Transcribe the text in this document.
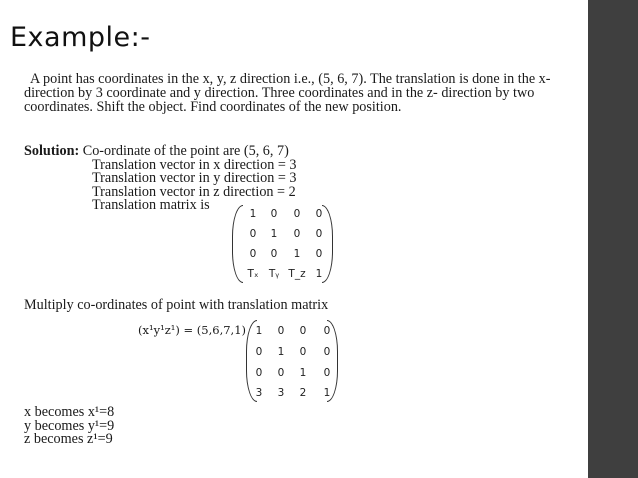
Example:-

A point has coordinates in the x, y, z direction i.e., (5, 6, 7). The translation is done in the x-direction by 3 coordinate and y direction. Three coordinates and in the z- direction by two coordinates. Shift the object. Find coordinates of the new position.

Solution: Co-ordinate of the point are (5, 6, 7)
Translation vector in x direction = 3
Translation vector in y direction = 3
Translation vector in z direction = 2
Translation matrix is
1	0	0	0
0	1	0	0
0	0	1	0
Tₓ Tᵧ T_z 1
Multiply co-ordinates of point with translation matrix
(x¹y¹z¹) = (5,6,7,1) 1	0	0	0
0	1	0	0
0	0	1	0
3	3	2	1
x becomes x¹=8
y becomes y¹=9
z becomes z¹=9
